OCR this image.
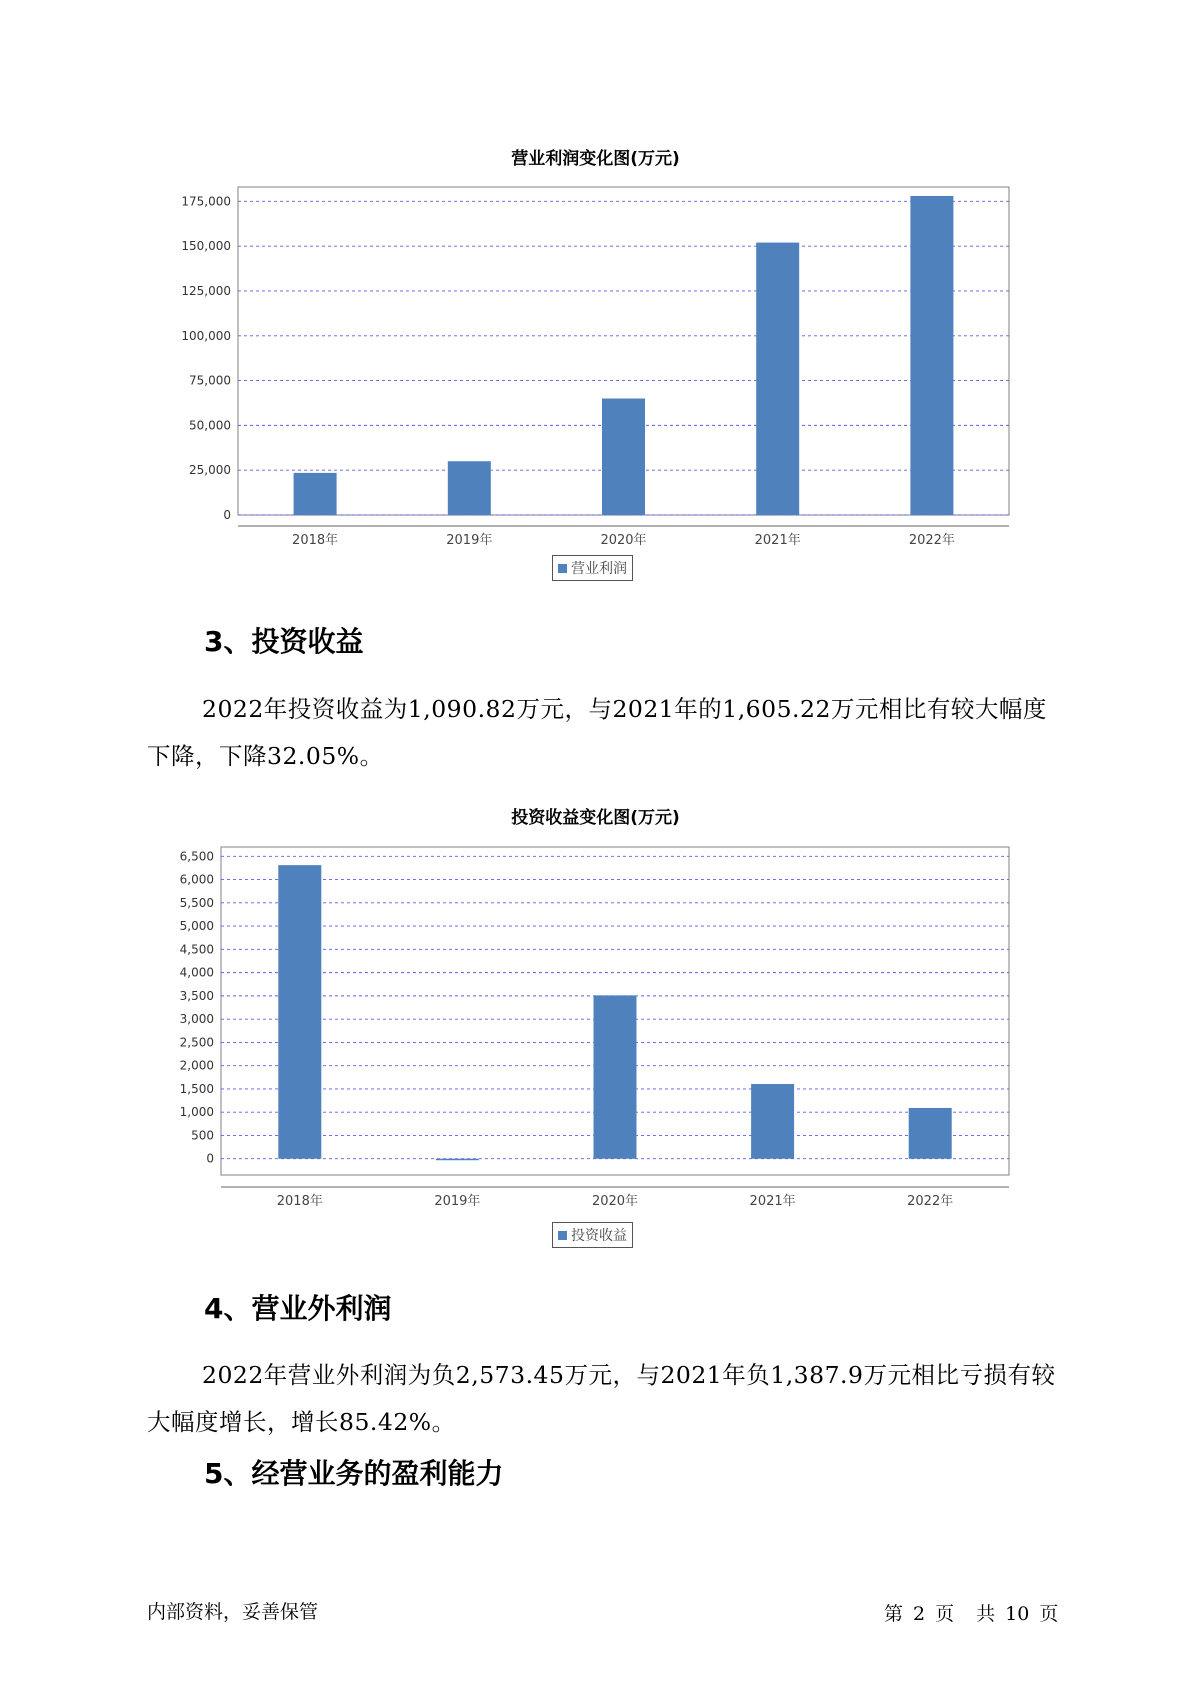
营业利润变化图(万元)
0
25,000
50,000
75,000
100,000
125,000
150,000
175,000
2018年	2019年	2020年	2021年	2022年
营业利润
3、投资收益

2022年投资收益为1,090.82万元，与2021年的1,605.22万元相比有较大幅度下降，下降32.05%。

投资收益变化图(万元)
0
500
1,000
1,500
2,000
2,500
3,000
3,500
4,000
4,500
5,000
5,500
6,000
6,500
2018年	2019年	2020年	2021年	2022年
投资收益
4、营业外利润

2022年营业外利润为负2,573.45万元，与2021年负1,387.9万元相比亏损有较大幅度增长，增长85.42%。

5、经营业务的盈利能力
内部资料，妥善保管	第 2 页 共 10 页
